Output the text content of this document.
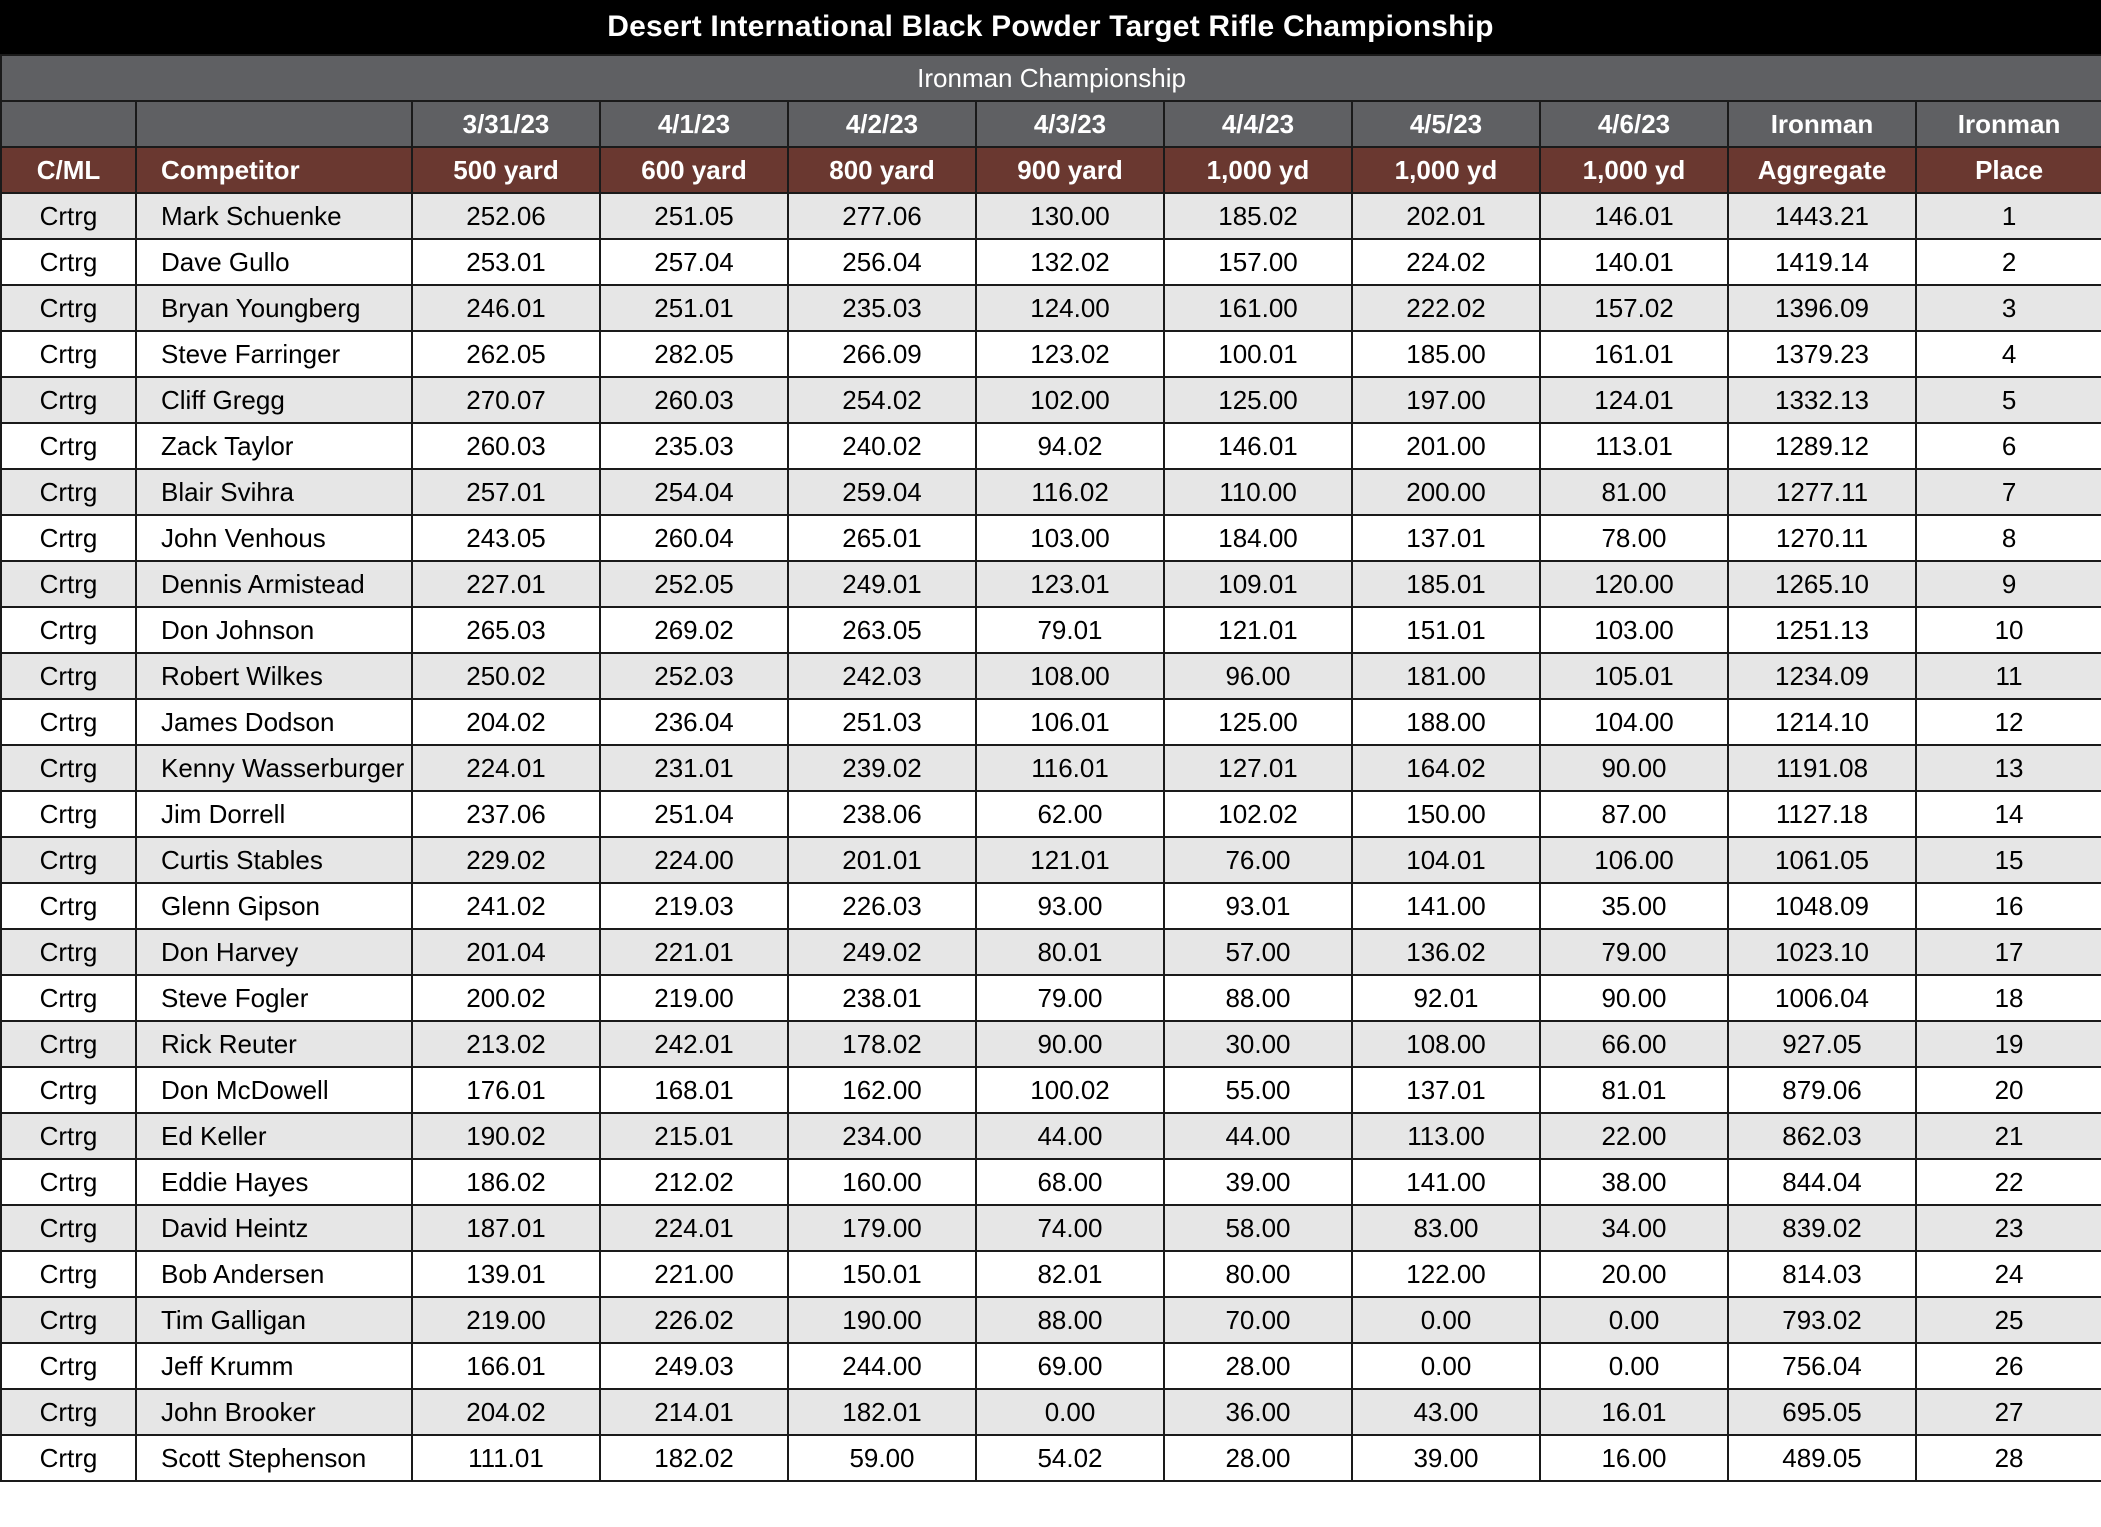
Desert International Black Powder Target Rifle Championship
Ironman Championship										
		3/31/23	4/1/23	4/2/23	4/3/23	4/4/23	4/5/23	4/6/23	Ironman	Ironman
C/ML	Competitor	500 yard	600 yard	800 yard	900 yard	1,000 yd	1,000 yd	1,000 yd	Aggregate	Place
Crtrg	Mark Schuenke	252.06	251.05	277.06	130.00	185.02	202.01	146.01	1443.21	1
Crtrg	Dave Gullo	253.01	257.04	256.04	132.02	157.00	224.02	140.01	1419.14	2
Crtrg	Bryan Youngberg	246.01	251.01	235.03	124.00	161.00	222.02	157.02	1396.09	3
Crtrg	Steve Farringer	262.05	282.05	266.09	123.02	100.01	185.00	161.01	1379.23	4
Crtrg	Cliff Gregg	270.07	260.03	254.02	102.00	125.00	197.00	124.01	1332.13	5
Crtrg	Zack Taylor	260.03	235.03	240.02	94.02	146.01	201.00	113.01	1289.12	6
Crtrg	Blair Svihra	257.01	254.04	259.04	116.02	110.00	200.00	81.00	1277.11	7
Crtrg	John Venhous	243.05	260.04	265.01	103.00	184.00	137.01	78.00	1270.11	8
Crtrg	Dennis Armistead	227.01	252.05	249.01	123.01	109.01	185.01	120.00	1265.10	9
Crtrg	Don Johnson	265.03	269.02	263.05	79.01	121.01	151.01	103.00	1251.13	10
Crtrg	Robert Wilkes	250.02	252.03	242.03	108.00	96.00	181.00	105.01	1234.09	11
Crtrg	James Dodson	204.02	236.04	251.03	106.01	125.00	188.00	104.00	1214.10	12
Crtrg	Kenny Wasserburger	224.01	231.01	239.02	116.01	127.01	164.02	90.00	1191.08	13
Crtrg	Jim Dorrell	237.06	251.04	238.06	62.00	102.02	150.00	87.00	1127.18	14
Crtrg	Curtis Stables	229.02	224.00	201.01	121.01	76.00	104.01	106.00	1061.05	15
Crtrg	Glenn Gipson	241.02	219.03	226.03	93.00	93.01	141.00	35.00	1048.09	16
Crtrg	Don Harvey	201.04	221.01	249.02	80.01	57.00	136.02	79.00	1023.10	17
Crtrg	Steve Fogler	200.02	219.00	238.01	79.00	88.00	92.01	90.00	1006.04	18
Crtrg	Rick Reuter	213.02	242.01	178.02	90.00	30.00	108.00	66.00	927.05	19
Crtrg	Don McDowell	176.01	168.01	162.00	100.02	55.00	137.01	81.01	879.06	20
Crtrg	Ed Keller	190.02	215.01	234.00	44.00	44.00	113.00	22.00	862.03	21
Crtrg	Eddie Hayes	186.02	212.02	160.00	68.00	39.00	141.00	38.00	844.04	22
Crtrg	David Heintz	187.01	224.01	179.00	74.00	58.00	83.00	34.00	839.02	23
Crtrg	Bob Andersen	139.01	221.00	150.01	82.01	80.00	122.00	20.00	814.03	24
Crtrg	Tim Galligan	219.00	226.02	190.00	88.00	70.00	0.00	0.00	793.02	25
Crtrg	Jeff Krumm	166.01	249.03	244.00	69.00	28.00	0.00	0.00	756.04	26
Crtrg	John Brooker	204.02	214.01	182.01	0.00	36.00	43.00	16.01	695.05	27
Crtrg	Scott Stephenson	111.01	182.02	59.00	54.02	28.00	39.00	16.00	489.05	28
